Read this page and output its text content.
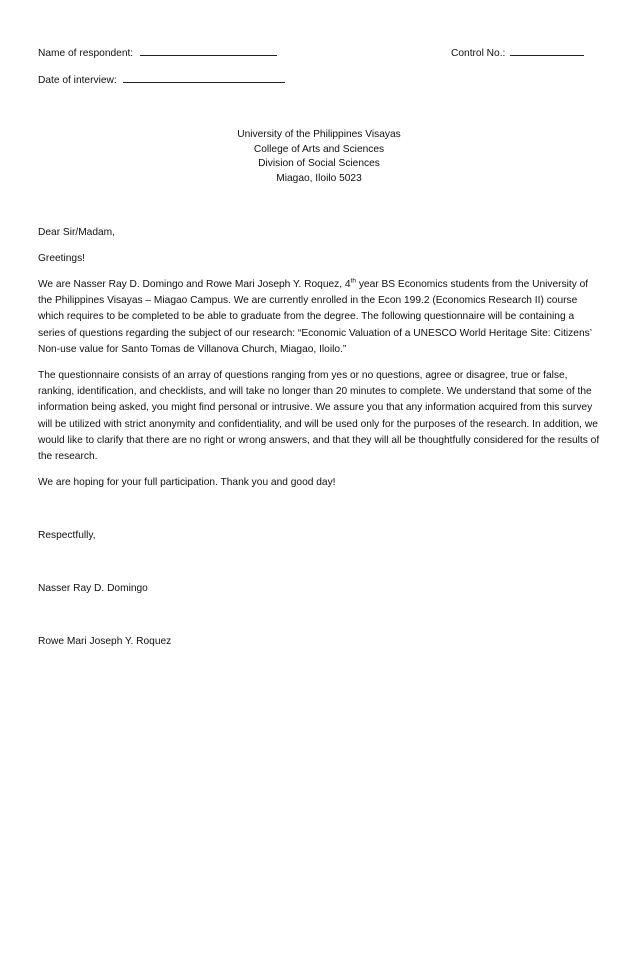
Name of respondent:	Control No.:
Date of interview:
University of the Philippines Visayas
College of Arts and Sciences
Division of Social Sciences
Miagao, Iloilo 5023
Dear Sir/Madam,
Greetings!
We are Nasser Ray D. Domingo and Rowe Mari Joseph Y. Roquez, 4th year BS Economics students from the University of the Philippines Visayas – Miagao Campus. We are currently enrolled in the Econ 199.2 (Economics Research II) course which requires to be completed to be able to graduate from the degree. The following questionnaire will be containing a series of questions regarding the subject of our research: “Economic Valuation of a UNESCO World Heritage Site: Citizens’ Non-use value for Santo Tomas de Villanova Church, Miagao, Iloilo.”
The questionnaire consists of an array of questions ranging from yes or no questions, agree or disagree, true or false, ranking, identification, and checklists, and will take no longer than 20 minutes to complete. We understand that some of the information being asked, you might find personal or intrusive. We assure you that any information acquired from this survey will be utilized with strict anonymity and confidentiality, and will be used only for the purposes of the research. In addition, we would like to clarify that there are no right or wrong answers, and that they will all be thoughtfully considered for the results of the research.
We are hoping for your full participation. Thank you and good day!
Respectfully,
Nasser Ray D. Domingo
Rowe Mari Joseph Y. Roquez
